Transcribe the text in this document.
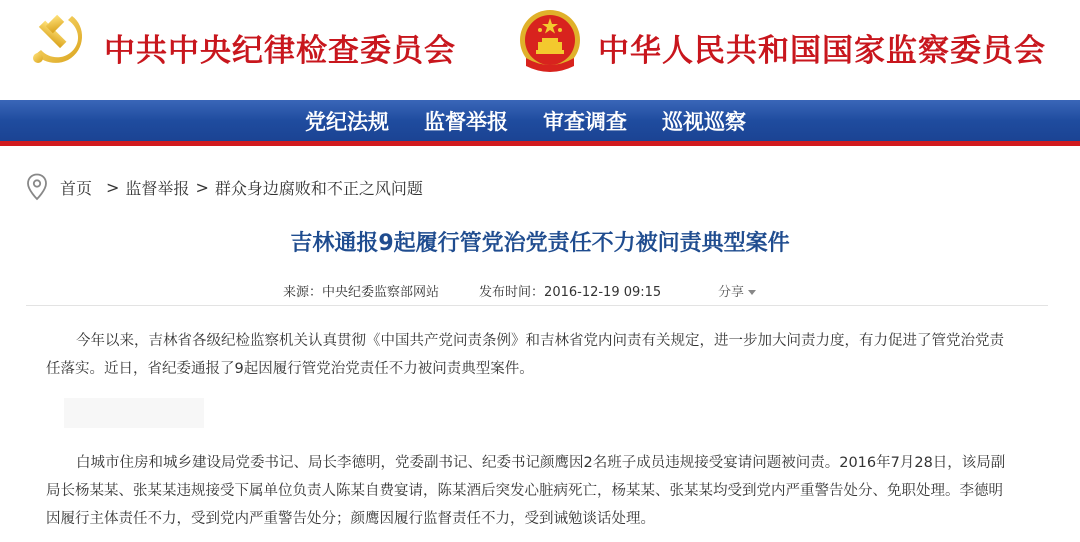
中共中央纪律检查委员会	中华人民共和国国家监察委员会
党纪法规 监督举报 审查调查 巡视巡察
首页 > 监督举报 > 群众身边腐败和不正之风问题
吉林通报9起履行管党治党责任不力被问责典型案件
来源：中央纪委监察部网站	发布时间：2016-12-19 09:15	分享
今年以来，吉林省各级纪检监察机关认真贯彻《中国共产党问责条例》和吉林省党内问责有关规定，进一步加大问责力度，有力促进了管党治党责
任落实。近日，省纪委通报了9起因履行管党治党责任不力被问责典型案件。
白城市住房和城乡建设局党委书记、局长李德明，党委副书记、纪委书记颜鹰因2名班子成员违规接受宴请问题被问责。2016年7月28日，该局副
局长杨某某、张某某违规接受下属单位负责人陈某自费宴请，陈某酒后突发心脏病死亡，杨某某、张某某均受到党内严重警告处分、免职处理。李德明
因履行主体责任不力，受到党内严重警告处分；颜鹰因履行监督责任不力，受到诫勉谈话处理。
